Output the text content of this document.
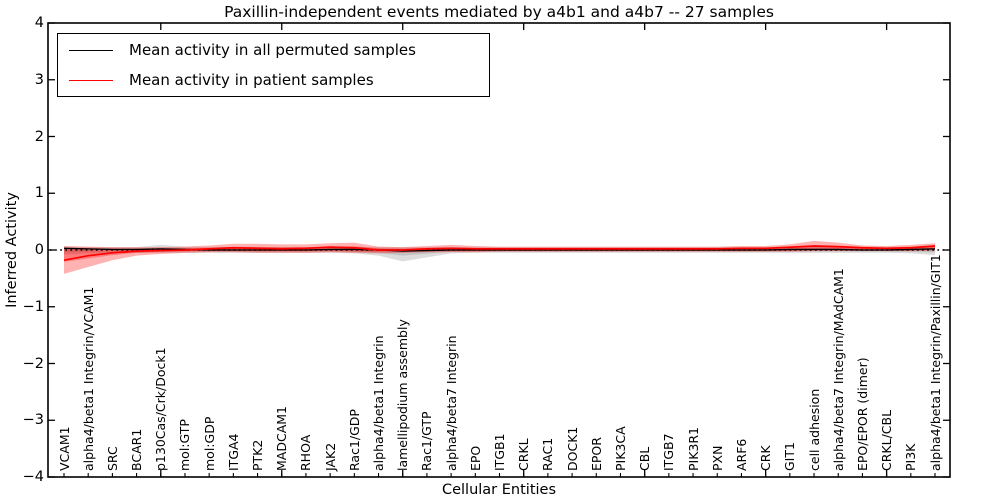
Paxillin-independent events mediated by a4b1 and a4b7 -- 27 samples
Inferred Activity
Cellular Entities
Mean activity in all permuted samples
Mean activity in patient samples
−4
−3
−2
−1
0
1
2
3
4
VCAM1 alpha4/beta1 Integrin/VCAM1 SRC BCAR1 p130Cas/Crk/Dock1 mol:GTP mol:GDP ITGA4 PTK2 MADCAM1 RHOA JAK2 Rac1/GDP alpha4/beta1 Integrin lamellipodium assembly Rac1/GTP alpha4/beta7 Integrin EPO ITGB1 CRKL RAC1 DOCK1 EPOR PIK3CA CBL ITGB7 PIK3R1 PXN ARF6 CRK GIT1 cell adhesion alpha4/beta7 Integrin/MAdCAM1 EPO/EPOR (dimer) CRKL/CBL PI3K alpha4/beta1 Integrin/Paxillin/GIT1
